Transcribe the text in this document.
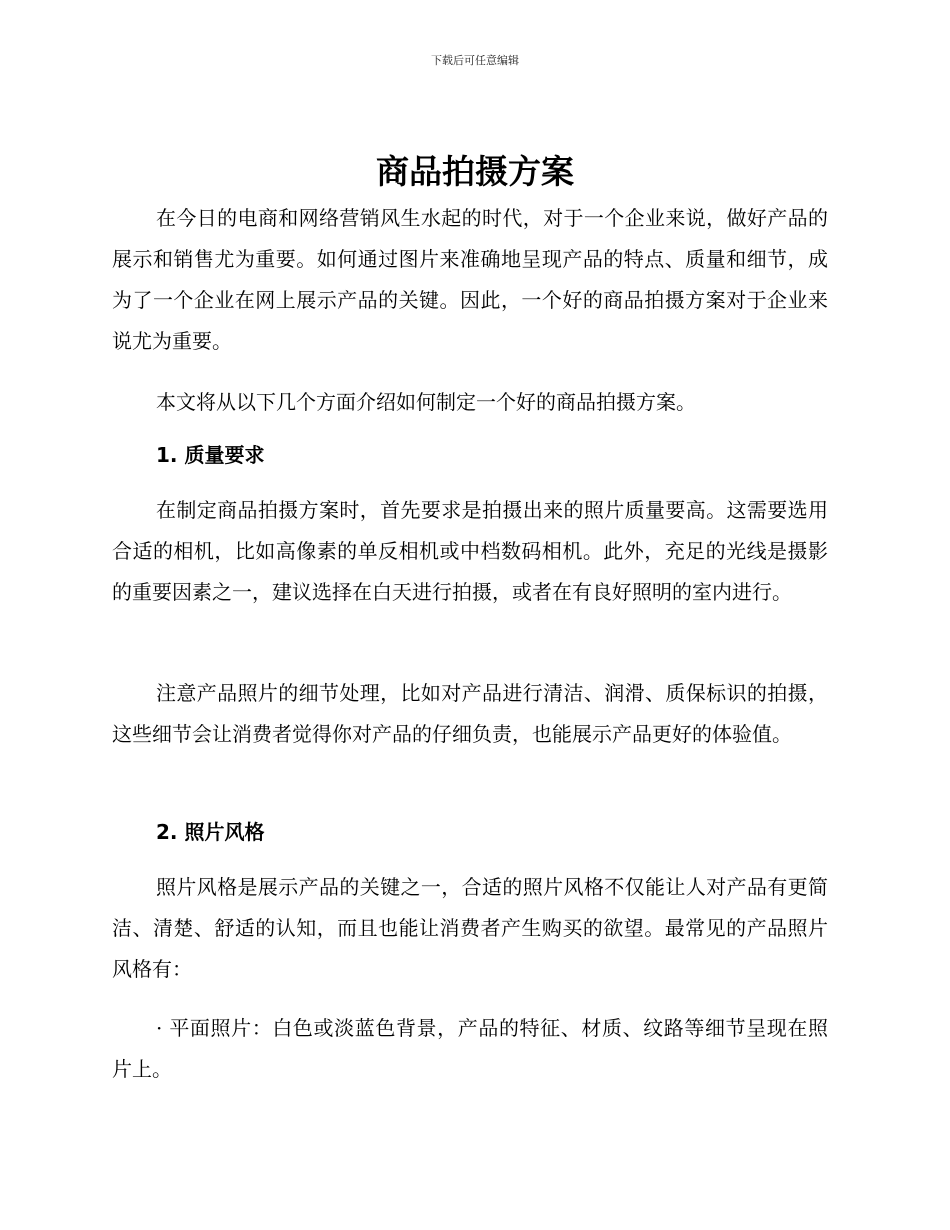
下载后可任意编辑
商品拍摄方案

在今日的电商和网络营销风生水起的时代，对于一个企业来说，做好产品的展示和销售尤为重要。如何通过图片来准确地呈现产品的特点、质量和细节，成为了一个企业在网上展示产品的关键。因此，一个好的商品拍摄方案对于企业来说尤为重要。

本文将从以下几个方面介绍如何制定一个好的商品拍摄方案。

1. 质量要求

在制定商品拍摄方案时，首先要求是拍摄出来的照片质量要高。这需要选用合适的相机，比如高像素的单反相机或中档数码相机。此外，充足的光线是摄影的重要因素之一，建议选择在白天进行拍摄，或者在有良好照明的室内进行。

注意产品照片的细节处理，比如对产品进行清洁、润滑、质保标识的拍摄，这些细节会让消费者觉得你对产品的仔细负责，也能展示产品更好的体验值。

2. 照片风格

照片风格是展示产品的关键之一，合适的照片风格不仅能让人对产品有更简洁、清楚、舒适的认知，而且也能让消费者产生购买的欲望。最常见的产品照片风格有：

· 平面照片：白色或淡蓝色背景，产品的特征、材质、纹路等细节呈现在照片上。
